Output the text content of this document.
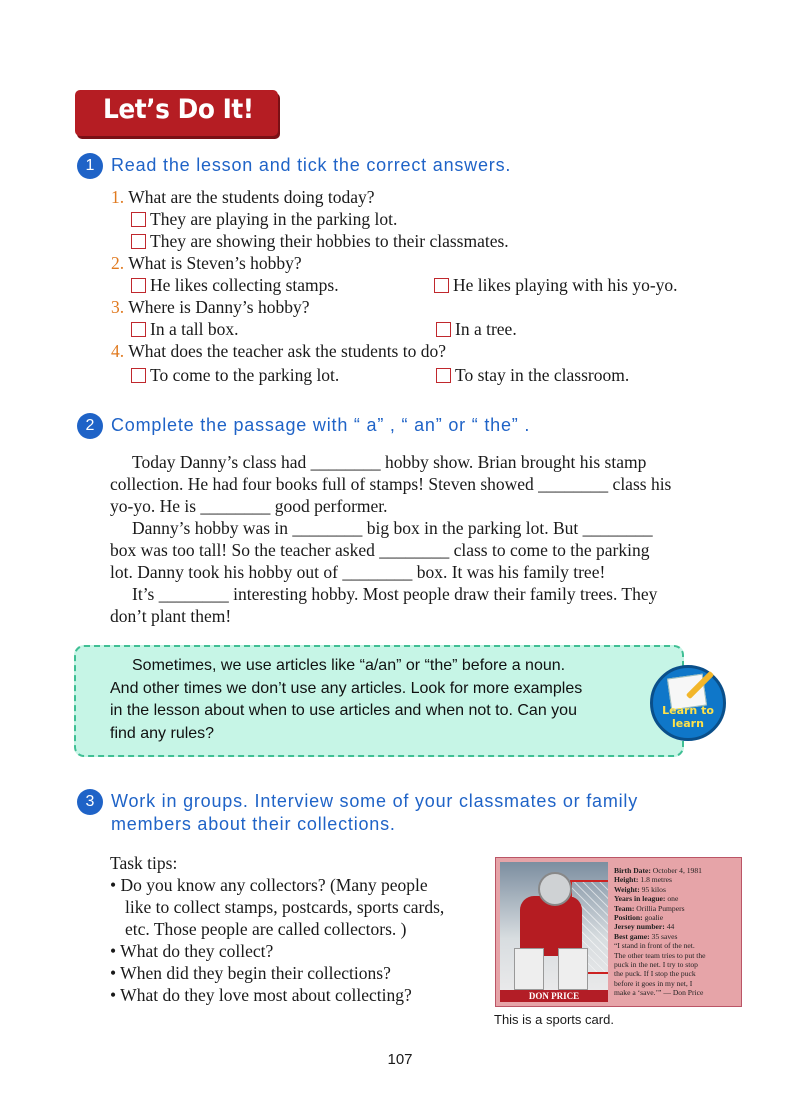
Let’s Do It!
1 Read the lesson and tick the correct answers.
1. What are the students doing today?
They are playing in the parking lot.
They are showing their hobbies to their classmates.
2. What is Steven’s hobby?
He likes collecting stamps.	He likes playing with his yo-yo.
3. Where is Danny’s hobby?
In a tall box.	In a tree.
4. What does the teacher ask the students to do?
To come to the parking lot.	To stay in the classroom.
2 Complete the passage with “ a” , “ an” or “ the” .

Today Danny’s class had ________ hobby show. Brian brought his stamp

collection. He had four books full of stamps! Steven showed ________ class his

yo-yo. He is ________ good performer.

Danny’s hobby was in ________ big box in the parking lot. But ________

box was too tall! So the teacher asked ________ class to come to the parking

lot. Danny took his hobby out of ________ box. It was his family tree!

It’s ________ interesting hobby. Most people draw their family trees. They

don’t plant them!

Sometimes, we use articles like “a/an” or “the” before a noun.
And other times we don’t use any articles. Look for more examples
in the lesson about when to use articles and when not to. Can you
find any rules?
Learn to
learn
3 Work in groups. Interview some of your classmates or family
members about their collections.
Task tips:
• Do you know any collectors? (Many people
like to collect stamps, postcards, sports cards,
etc. Those people are called collectors. )
• What do they collect?
• When did they begin their collections?
• What do they love most about collecting?	DON PRICE
Birth Date: October 4, 1981
Height: 1.8 metres
Weight: 95 kilos
Years in league: one
Team: Orillia Pumpers
Position: goalie
Jersey number: 44
Best game: 35 saves
“I stand in front of the net.
The other team tries to put the
puck in the net. I try to stop
the puck. If I stop the puck
before it goes in my net, I
make a ‘save.’” — Don Price
This is a sports card.
107
